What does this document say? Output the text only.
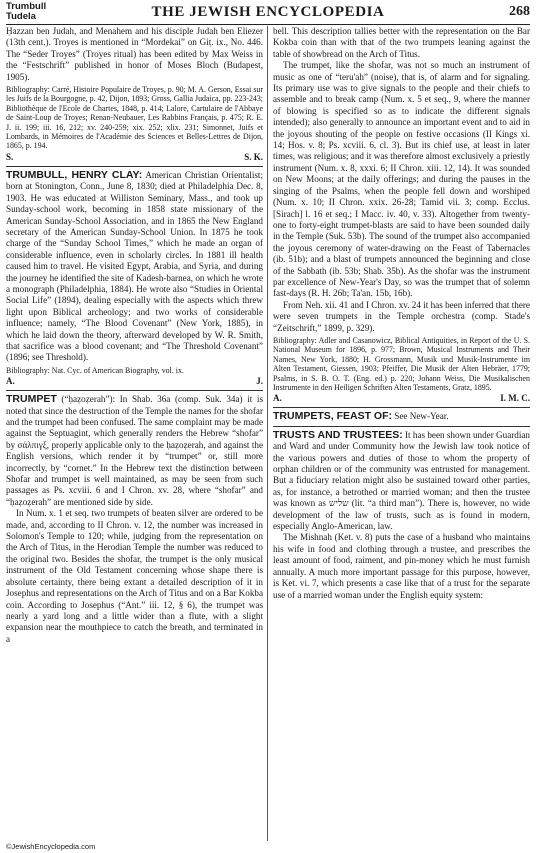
Trumbull
Tudela	THE JEWISH ENCYCLOPEDIA	268

Ḥazzan ben Judah, and Menahem and his disciple Judah ben Eliezer (13th cent.). Troyes is mentioned in “Mordekai” on Giṭ. ix., No. 446. The “Seder Troyes” (Troyes ritual) has been edited by Max Weiss in the “Festschrift” published in honor of Moses Bloch (Budapest, 1905).

Bibliography: Carré, Histoire Populaire de Troyes, p. 90; M. A. Gerson, Essai sur les Juifs de la Bourgogne, p. 42, Dijon, 1893; Gross, Gallia Judaica, pp. 223-243; Bibliothèque de l'Ecole de Chartes, 1848, p. 414; Lalore, Cartulaire de l'Abbaye de Saint-Loup de Troyes; Renan-Neubauer, Les Rabbins Français, p. 475; R. E. J. ii. 199; iii. 16, 212; xv. 240-259; xix. 252; xlix. 231; Simonnet, Juifs et Lombards, in Mémoires de l'Académie des Sciences et Belles-Lettres de Dijon, 1865, p. 194.

S.	S. K.

TRUMBULL, HENRY CLAY: American Christian Orientalist; born at Stonington, Conn., June 8, 1830; died at Philadelphia Dec. 8, 1903. He was educated at Williston Seminary, Mass., and took up Sunday-school work, becoming in 1858 state missionary of the American Sunday-School Association, and in 1865 the New England secretary of the American Sunday-School Union. In 1875 he took charge of the “Sunday School Times,” which he made an organ of considerable influence, even in scholarly circles. In 1881 ill health caused him to travel. He visited Egypt, Arabia, and Syria, and during the journey he identified the site of Kadesh-barnea, on which he wrote a monograph (Philadelphia, 1884). He wrote also “Studies in Oriental Social Life” (1894), dealing especially with the aspects which threw light upon Biblical archeology; and two works of considerable influence; namely, “The Blood Covenant” (New York, 1885), in which he laid down the theory, afterward developed by W. R. Smith, that sacrifice was a blood covenant; and “The Threshold Covenant” (1896; see Threshold).

Bibliography: Nat. Cyc. of American Biography, vol. ix.

A.	J.

TRUMPET (“ḥaẓoẓerah”): In Shab. 36a (comp. Suk. 34a) it is noted that since the destruction of the Temple the names for the shofar and the trumpet had been confused. The same complaint may be made against the Septuagint, which generally renders the Hebrew “shofar” by σάλπιγξ, properly applicable only to the ḥaẓoẓerah, and against the English versions, which render it by “trumpet” or, still more incorrectly, by “cornet.” In the Hebrew text the distinction between Shofar and trumpet is well maintained, as may be seen from such passages as Ps. xcviii. 6 and I Chron. xv. 28, where “shofar” and “ḥaẓoẓerah” are mentioned side by side.

In Num. x. 1 et seq. two trumpets of beaten silver are ordered to be made, and, according to II Chron. v. 12, the number was increased in Solomon's Temple to 120; while, judging from the representation on the Arch of Titus, in the Herodian Temple the number was reduced to the original two. Besides the shofar, the trumpet is the only musical instrument of the Old Testament concerning whose shape there is absolute certainty, there being extant a detailed description of it in Josephus and representations on the Arch of Titus and on a Bar Kokba coin. According to Josephus (“Ant.” iii. 12, § 6), the trumpet was nearly a yard long and a little wider than a flute, with a slight expansion near the mouthpiece to catch the breath, and terminated in a

bell. This description tallies better with the representation on the Bar Kokba coin than with that of the two trumpets leaning against the table of showbread on the Arch of Titus.

The trumpet, like the shofar, was not so much an instrument of music as one of “teru'ah” (noise), that is, of alarm and for signaling. Its primary use was to give signals to the people and their chiefs to assemble and to break camp (Num. x. 5 et seq., 9, where the manner of blowing is specified so as to indicate the different signals intended); also generally to announce an important event and to aid in the joyous shouting of the people on festive occasions (II Kings xi. 14; Hos. v. 8; Ps. xcviii. 6, cl. 3). But its chief use, at least in later times, was religious; and it was therefore almost exclusively a priestly instrument (Num. x. 8, xxxi. 6; II Chron. xiii. 12, 14). It was sounded on New Moons; at the daily offerings; and during the pauses in the singing of the Psalms, when the people fell down and worshiped (Num. x. 10; II Chron. xxix. 26-28; Tamid vii. 3; comp. Ecclus. [Sirach] l. 16 et seq.; I Macc. iv. 40, v. 33). Altogether from twenty-one to forty-eight trumpet-blasts are said to have been sounded daily in the Temple (Suk. 53b). The sound of the trumpet also accompanied the joyous ceremony of water-drawing on the Feast of Tabernacles (ib. 51b); and a blast of trumpets announced the beginning and close of the Sabbath (ib. 53b; Shab. 35b). As the shofar was the instrument par excellence of New-Year's Day, so was the trumpet that of solemn fast-days (R. H. 26b; Ta'an. 15b, 16b).

From Neh. xii. 41 and I Chron. xv. 24 it has been inferred that there were seven trumpets in the Temple orchestra (comp. Stade's “Zeitschrift,” 1899, p. 329).

Bibliography: Adler and Casanowicz, Biblical Antiquities, in Report of the U. S. National Museum for 1896, p. 977; Brown, Musical Instruments and Their Names, New York, 1880; H. Grossmann, Musik und Musik-Instrumente im Alten Testament, Giessen, 1903; Pfeiffer, Die Musik der Alten Hebräer, 1779; Psalms, in S. B. O. T. (Eng. ed.) p. 220; Johann Weiss, Die Musikalischen Instrumente in den Heiligen Schriften Alten Testaments, Gratz, 1895.

A.	I. M. C.

TRUMPETS, FEAST OF: See New-Year.

TRUSTS AND TRUSTEES: It has been shown under Guardian and Ward and under Community how the Jewish law took notice of the various powers and duties of those to whom the property of orphan children or of the community was entrusted for management. But a fiduciary relation might also be sustained toward other parties, as, for instance, a betrothed or married woman; and then the trustee was known as שליש (lit. “a third man”). There is, however, no wide development of the law of trusts, such as is found in modern, especially Anglo-American, law.

The Mishnah (Ket. v. 8) puts the case of a husband who maintains his wife in food and clothing through a trustee, and prescribes the least amount of food, raiment, and pin-money which he must furnish annually. A much more important passage for this purpose, however, is Ket. vi. 7, which presents a case like that of a trust for the separate use of a married woman under the English equity system:

©JewishEncyclopedia.com
